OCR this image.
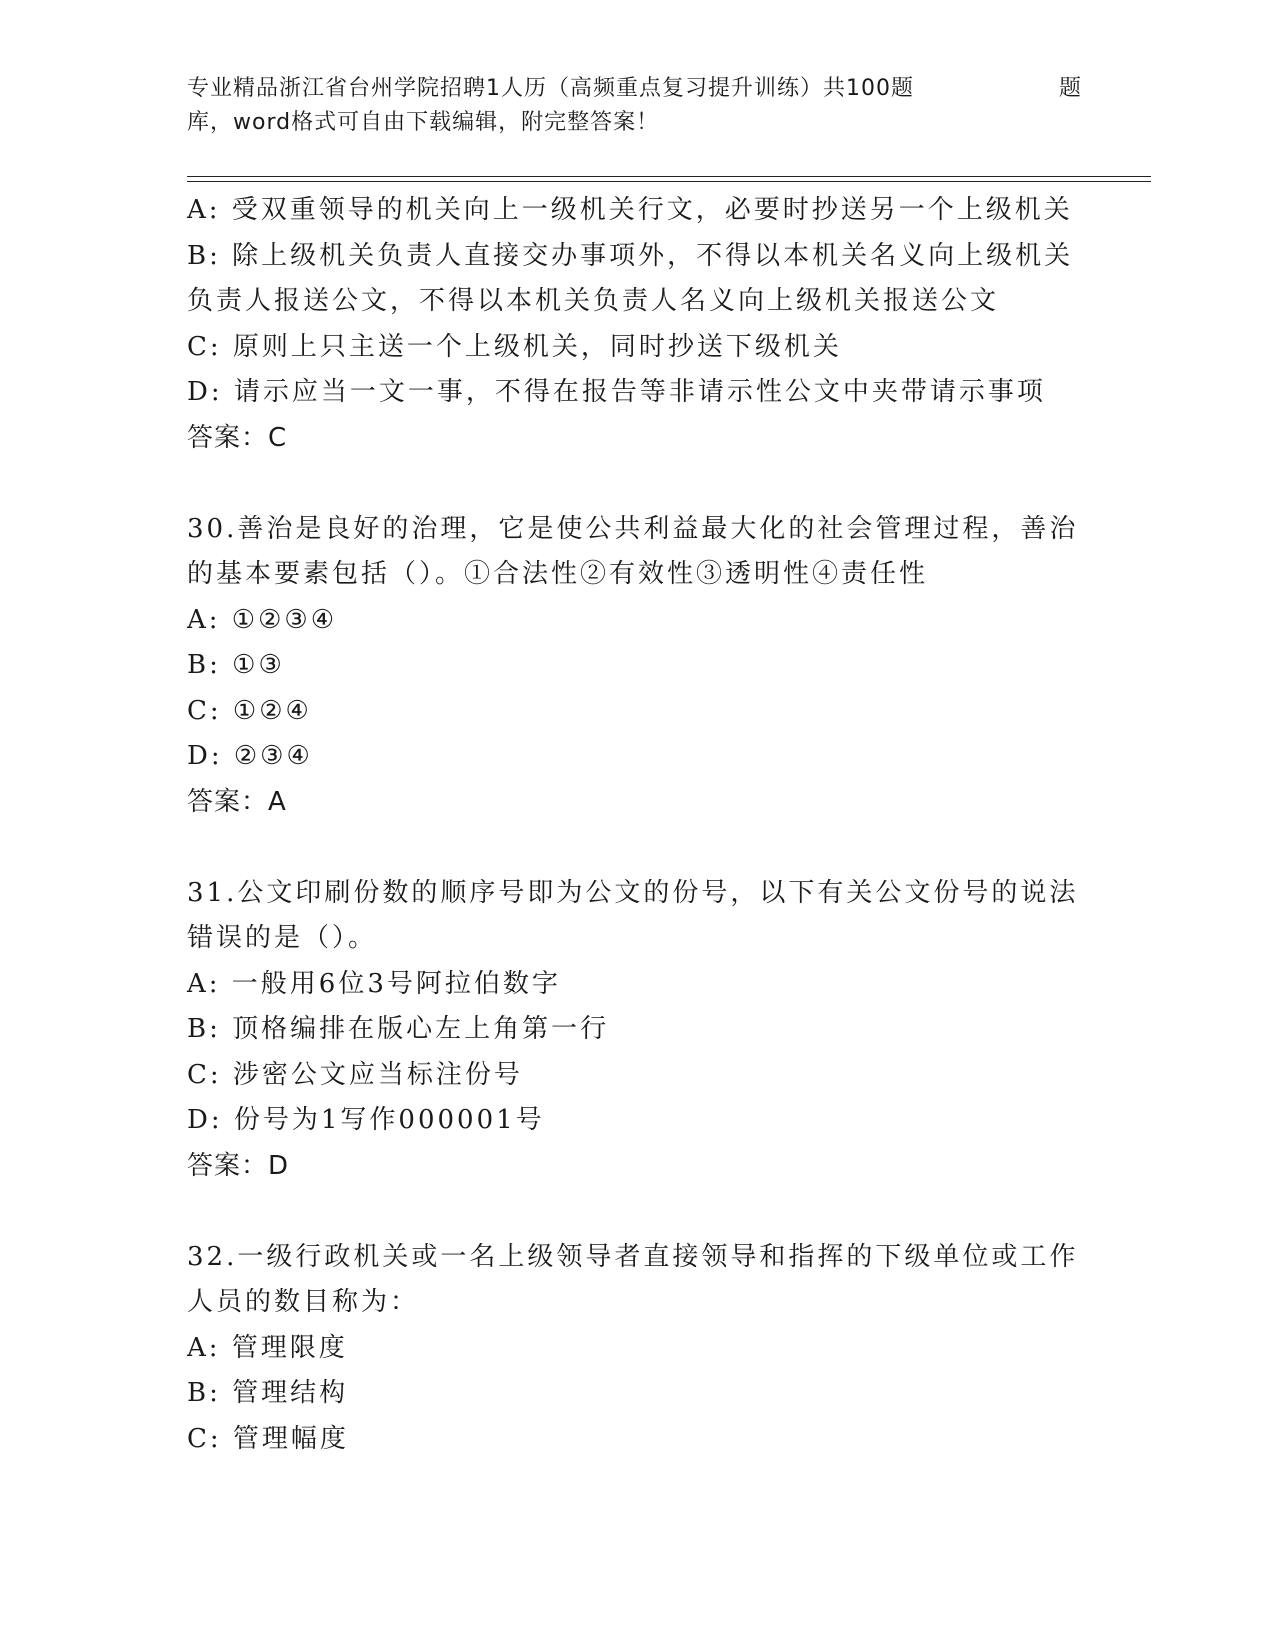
专业精品浙江省台州学院招聘1人历（高频重点复习提升训练）共100题	题
库，word格式可自由下载编辑，附完整答案！
A: 受双重领导的机关向上一级机关行文，必要时抄送另一个上级机关
B: 除上级机关负责人直接交办事项外，不得以本机关名义向上级机关
负责人报送公文，不得以本机关负责人名义向上级机关报送公文
C: 原则上只主送一个上级机关，同时抄送下级机关
D: 请示应当一文一事，不得在报告等非请示性公文中夹带请示事项
答案：C
30.善治是良好的治理，它是使公共利益最大化的社会管理过程，善治
的基本要素包括（）。①合法性②有效性③透明性④责任性
A: ①②③④
B: ①③
C: ①②④
D: ②③④
答案：A
31.公文印刷份数的顺序号即为公文的份号，以下有关公文份号的说法
错误的是（）。
A: 一般用6位3号阿拉伯数字
B: 顶格编排在版心左上角第一行
C: 涉密公文应当标注份号
D: 份号为1写作000001号
答案：D
32.一级行政机关或一名上级领导者直接领导和指挥的下级单位或工作
人员的数目称为：
A: 管理限度
B: 管理结构
C: 管理幅度
